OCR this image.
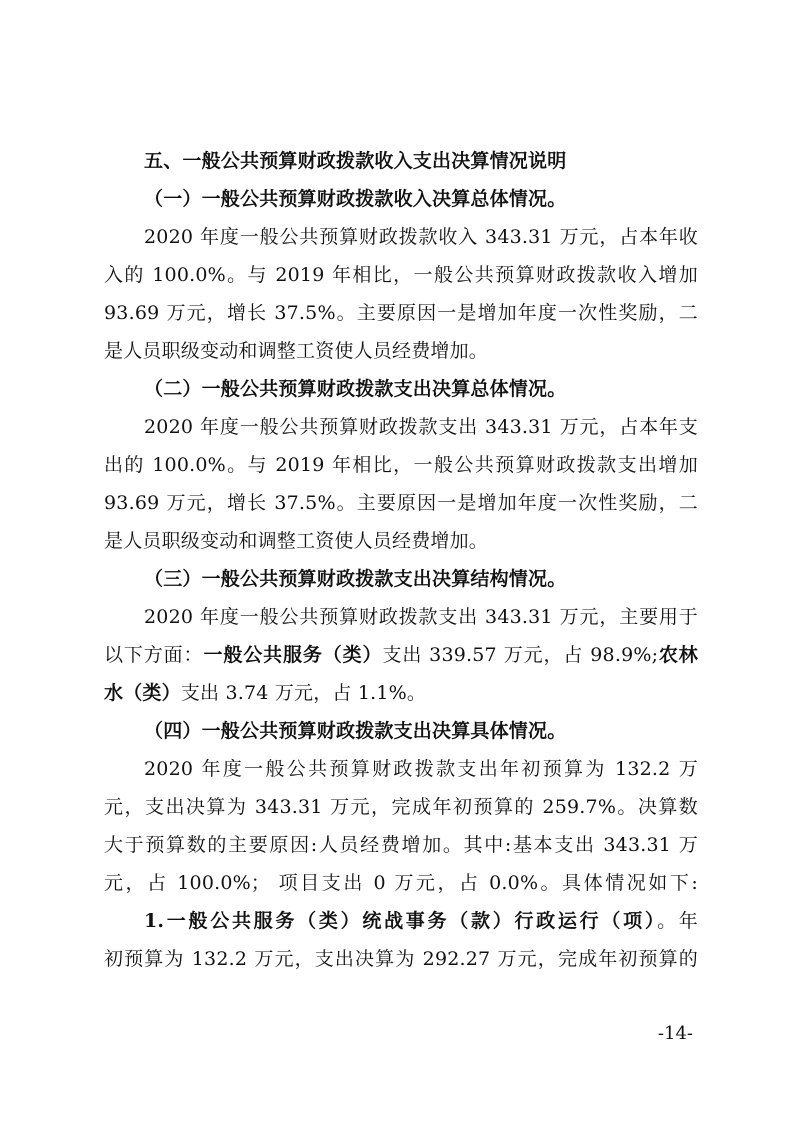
五、一般公共预算财政拨款收入支出决算情况说明
（一）一般公共预算财政拨款收入决算总体情况。
2020 年度一般公共预算财政拨款收入 343.31 万元，占本年收
入的 100.0%。与 2019 年相比，一般公共预算财政拨款收入增加
93.69 万元，增长 37.5%。主要原因一是增加年度一次性奖励，二
是人员职级变动和调整工资使人员经费增加。
（二）一般公共预算财政拨款支出决算总体情况。
2020 年度一般公共预算财政拨款支出 343.31 万元，占本年支
出的 100.0%。与 2019 年相比，一般公共预算财政拨款支出增加
93.69 万元，增长 37.5%。主要原因一是增加年度一次性奖励，二
是人员职级变动和调整工资使人员经费增加。
（三）一般公共预算财政拨款支出决算结构情况。
2020 年度一般公共预算财政拨款支出 343.31 万元，主要用于
以下方面：一般公共服务（类）支出 339.57 万元，占 98.9%;农林
水（类）支出 3.74 万元，占 1.1%。
（四）一般公共预算财政拨款支出决算具体情况。
2020 年度一般公共预算财政拨款支出年初预算为 132.2 万
元，支出决算为 343.31 万元，完成年初预算的 259.7%。决算数
大于预算数的主要原因:人员经费增加。其中:基本支出 343.31 万
元，占 100.0%； 项目支出 0 万元，占 0.0%。具体情况如下:
1.一般公共服务（类）统战事务（款）行政运行（项）。年
初预算为 132.2 万元，支出决算为 292.27 万元，完成年初预算的
-14-
